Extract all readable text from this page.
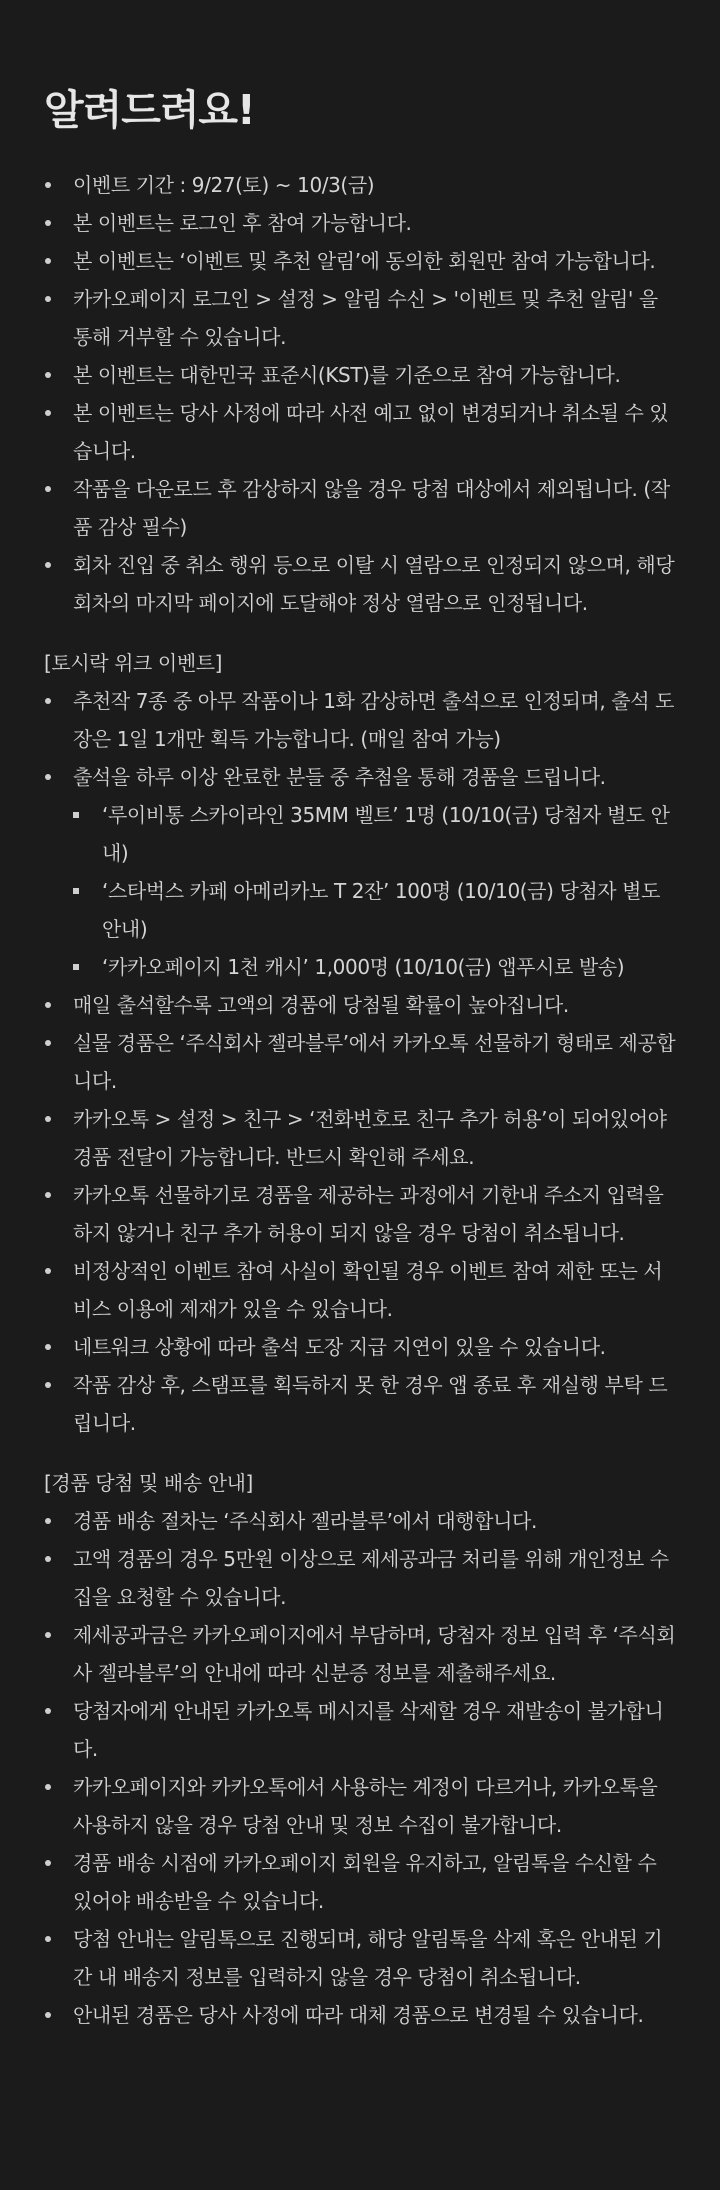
알려드려요!
이벤트 기간 : 9/27(토) ~ 10/3(금)
본 이벤트는 로그인 후 참여 가능합니다.
본 이벤트는 ‘이벤트 및 추천 알림’에 동의한 회원만 참여 가능합니다.
카카오페이지 로그인 > 설정 > 알림 수신 > '이벤트 및 추천 알림' 을 통해 거부할 수 있습니다.
본 이벤트는 대한민국 표준시(KST)를 기준으로 참여 가능합니다.
본 이벤트는 당사 사정에 따라 사전 예고 없이 변경되거나 취소될 수 있습니다.
작품을 다운로드 후 감상하지 않을 경우 당첨 대상에서 제외됩니다. (작품 감상 필수)
회차 진입 중 취소 행위 등으로 이탈 시 열람으로 인정되지 않으며, 해당 회차의 마지막 페이지에 도달해야 정상 열람으로 인정됩니다.
[토시락 위크 이벤트]
추천작 7종 중 아무 작품이나 1화 감상하면 출석으로 인정되며, 출석 도장은 1일 1개만 획득 가능합니다. (매일 참여 가능)
출석을 하루 이상 완료한 분들 중 추첨을 통해 경품을 드립니다.
‘루이비통 스카이라인 35MM 벨트’ 1명 (10/10(금) 당첨자 별도 안내)
‘스타벅스 카페 아메리카노 T 2잔’ 100명 (10/10(금) 당첨자 별도 안내)
‘카카오페이지 1천 캐시’ 1,000명 (10/10(금) 앱푸시로 발송)
매일 출석할수록 고액의 경품에 당첨될 확률이 높아집니다.
실물 경품은 ‘주식회사 젤라블루’에서 카카오톡 선물하기 형태로 제공합니다.
카카오톡 > 설정 > 친구 > ‘전화번호로 친구 추가 허용’이 되어있어야 경품 전달이 가능합니다. 반드시 확인해 주세요.
카카오톡 선물하기로 경품을 제공하는 과정에서 기한내 주소지 입력을 하지 않거나 친구 추가 허용이 되지 않을 경우 당첨이 취소됩니다.
비정상적인 이벤트 참여 사실이 확인될 경우 이벤트 참여 제한 또는 서비스 이용에 제재가 있을 수 있습니다.
네트워크 상황에 따라 출석 도장 지급 지연이 있을 수 있습니다.
작품 감상 후, 스탬프를 획득하지 못 한 경우 앱 종료 후 재실행 부탁 드립니다.
[경품 당첨 및 배송 안내]
경품 배송 절차는 ‘주식회사 젤라블루’에서 대행합니다.
고액 경품의 경우 5만원 이상으로 제세공과금 처리를 위해 개인정보 수집을 요청할 수 있습니다.
제세공과금은 카카오페이지에서 부담하며, 당첨자 정보 입력 후 ‘주식회사 젤라블루’의 안내에 따라 신분증 정보를 제출해주세요.
당첨자에게 안내된 카카오톡 메시지를 삭제할 경우 재발송이 불가합니다.
카카오페이지와 카카오톡에서 사용하는 계정이 다르거나, 카카오톡을 사용하지 않을 경우 당첨 안내 및 정보 수집이 불가합니다.
경품 배송 시점에 카카오페이지 회원을 유지하고, 알림톡을 수신할 수 있어야 배송받을 수 있습니다.
당첨 안내는 알림톡으로 진행되며, 해당 알림톡을 삭제 혹은 안내된 기간 내 배송지 정보를 입력하지 않을 경우 당첨이 취소됩니다.
안내된 경품은 당사 사정에 따라 대체 경품으로 변경될 수 있습니다.
